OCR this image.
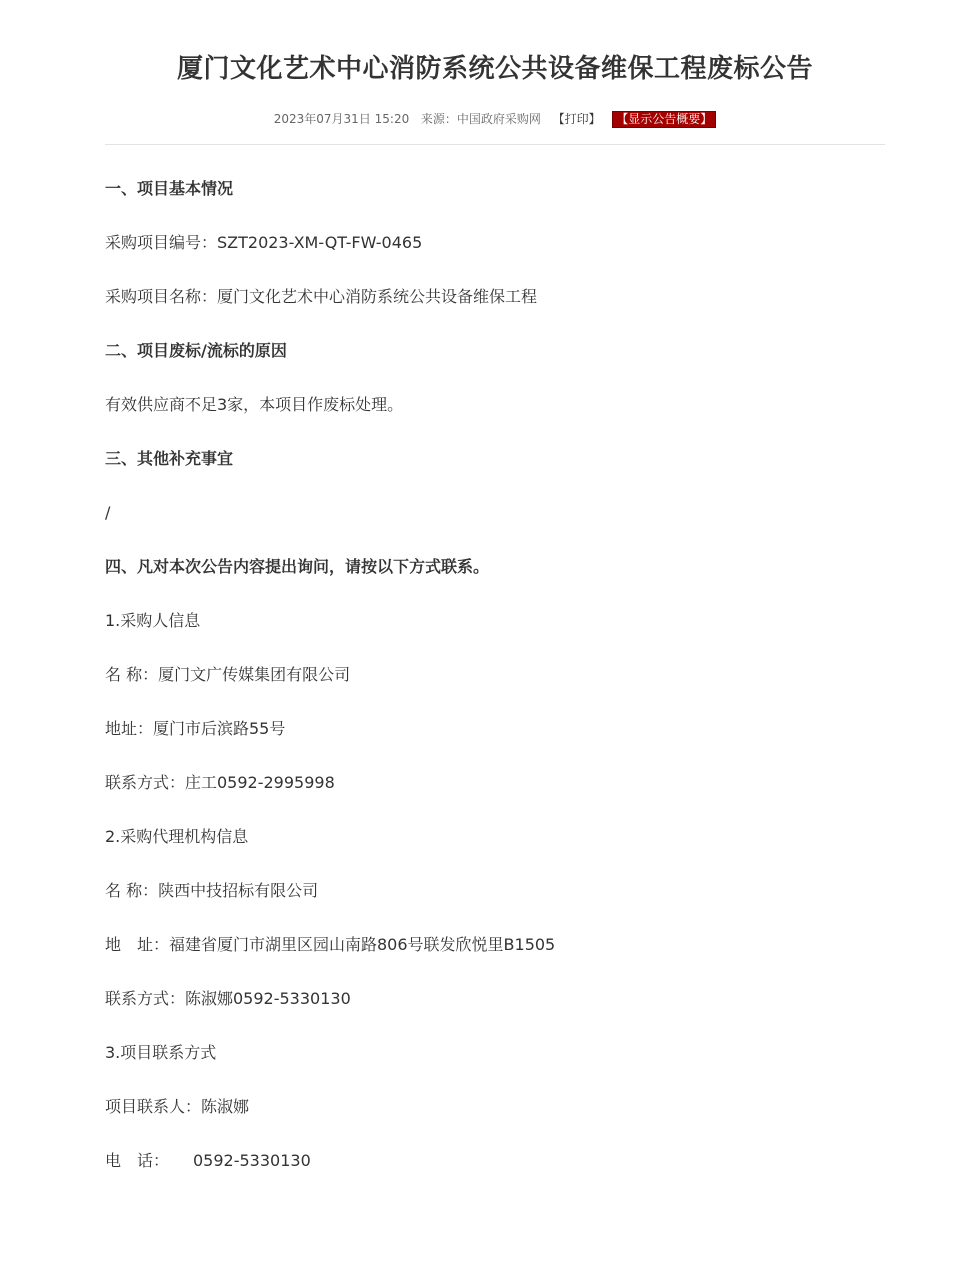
厦门文化艺术中心消防系统公共设备维保工程废标公告
2023年07月31日 15:20 来源：中国政府采购网 【打印】 【显示公告概要】

一、项目基本情况

采购项目编号：SZT2023-XM-QT-FW-0465

采购项目名称：厦门文化艺术中心消防系统公共设备维保工程

二、项目废标/流标的原因

有效供应商不足3家，本项目作废标处理。

三、其他补充事宜

/

四、凡对本次公告内容提出询问，请按以下方式联系。

1.采购人信息

名 称：厦门文广传媒集团有限公司

地址：厦门市后滨路55号

联系方式：庄工0592-2995998

2.采购代理机构信息

名 称：陕西中技招标有限公司

地　址：福建省厦门市湖里区园山南路806号联发欣悦里B1505

联系方式：陈淑娜0592-5330130

3.项目联系方式

项目联系人：陈淑娜

电　话：　　0592-5330130
